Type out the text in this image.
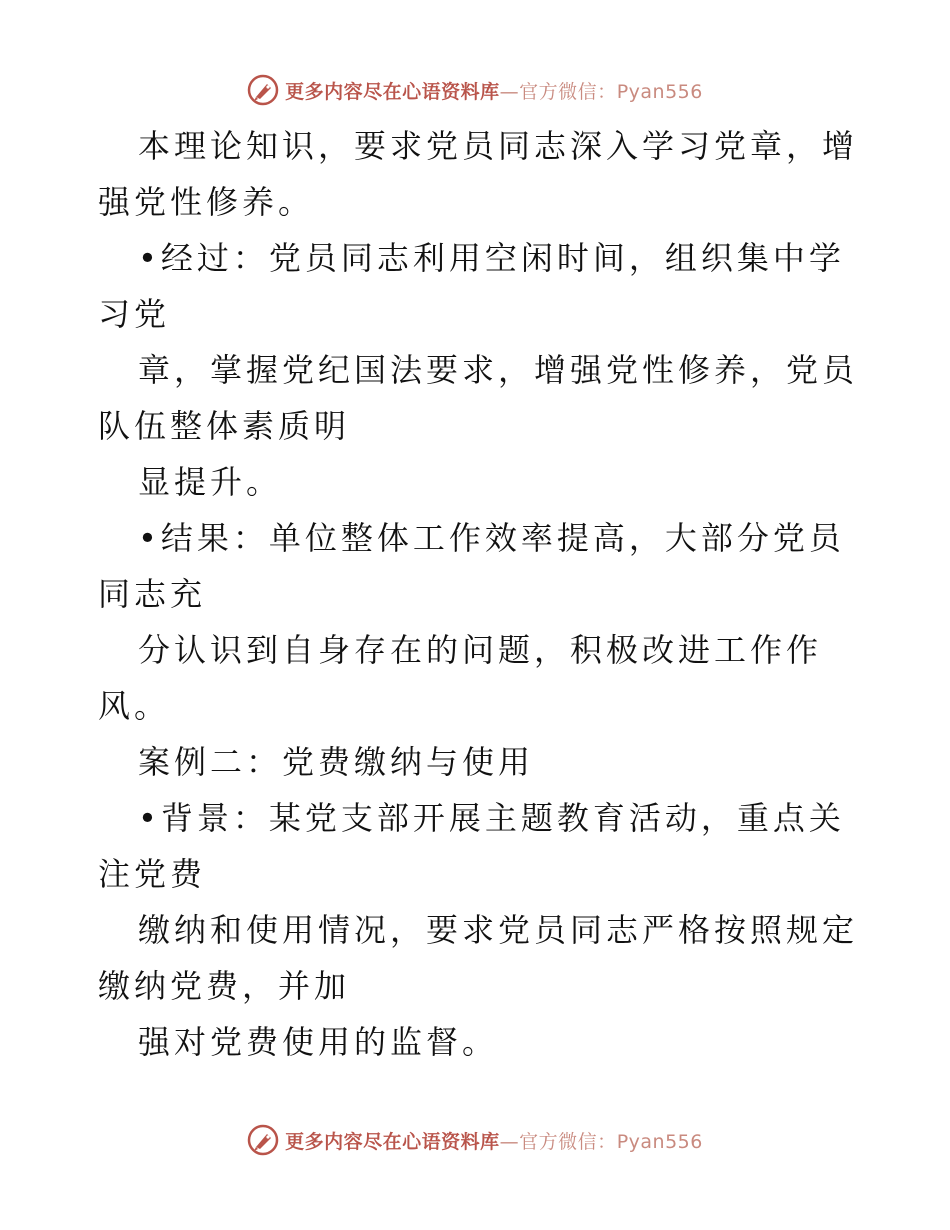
更多内容尽在心语资料库—官方微信：Pyan556

本理论知识，要求党员同志深入学习党章，增强党性修养。

•经过：党员同志利用空闲时间，组织集中学习党

章，掌握党纪国法要求，增强党性修养，党员队伍整体素质明

显提升。

•结果：单位整体工作效率提高，大部分党员同志充

分认识到自身存在的问题，积极改进工作作风。

案例二：党费缴纳与使用

•背景：某党支部开展主题教育活动，重点关注党费

缴纳和使用情况，要求党员同志严格按照规定缴纳党费，并加

强对党费使用的监督。

更多内容尽在心语资料库—官方微信：Pyan556
